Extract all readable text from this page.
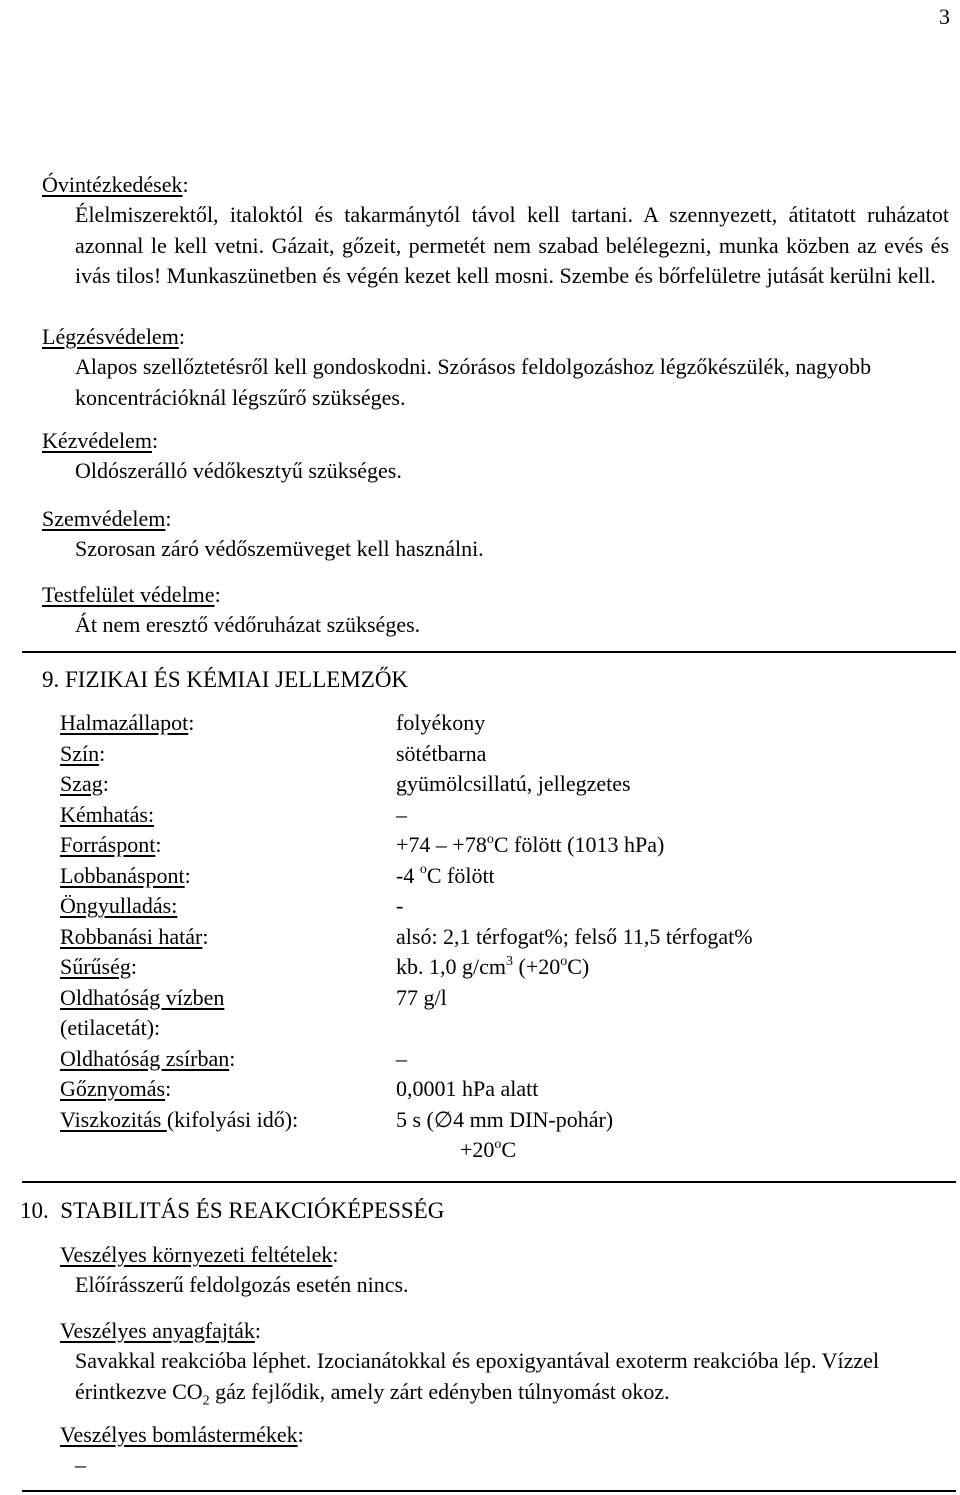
3
Óvintézkedések:
Élelmiszerektől, italoktól és takarmánytól távol kell tartani. A szennyezett, átitatott ruházatot azonnal le kell vetni. Gázait, gőzeit, permetét nem szabad belélegezni, munka közben az evés és ivás tilos! Munkaszünetben és végén kezet kell mosni. Szembe és bőrfelületre jutását kerülni kell.
Légzésvédelem:
Alapos szellőztetésről kell gondoskodni. Szórásos feldolgozáshoz légzőkészülék, nagyobb koncentrációknál légszűrő szükséges.
Kézvédelem:
Oldószerálló védőkesztyű szükséges.
Szemvédelem:
Szorosan záró védőszemüveget kell használni.
Testfelület védelme:
Át nem eresztő védőruházat szükséges.
9. FIZIKAI ÉS KÉMIAI JELLEMZŐK
Halmazállapot:	folyékony
Szín:	sötétbarna
Szag:	gyümölcsillatú, jellegzetes
Kémhatás:	–
Forráspont:	$+74 - +78^oC$ fölött (1013 hPa)
Lobbanáspont:	-4 $^o$C fölött
Öngyulladás:	-
Robbanási határ:	alsó: 2,1 térfogat%; felső 11,5 térfogat%
Sűrűség:	kb. 1,0 $g/cm^3$ $(+20^oC)$
Oldhatóság vízben	77 g/l
(etilacetát):
Oldhatóság zsírban:	–
Gőznyomás:	0,0001 hPa alatt
Viszkozitás (kifolyási idő):	5 s (∅4 mm DIN-pohár)
$+20^oC$
10.  STABILITÁS ÉS REAKCIÓKÉPESSÉG
Veszélyes környezeti feltételek:
Előírásszerű feldolgozás esetén nincs.
Veszélyes anyagfajták:
Savakkal reakcióba léphet. Izocianátokkal és epoxigyantával exoterm reakcióba lép. Vízzel érintkezve $CO_2$ gáz fejlődik, amely zárt edényben túlnyomást okoz.
Veszélyes bomlástermékek:
–
